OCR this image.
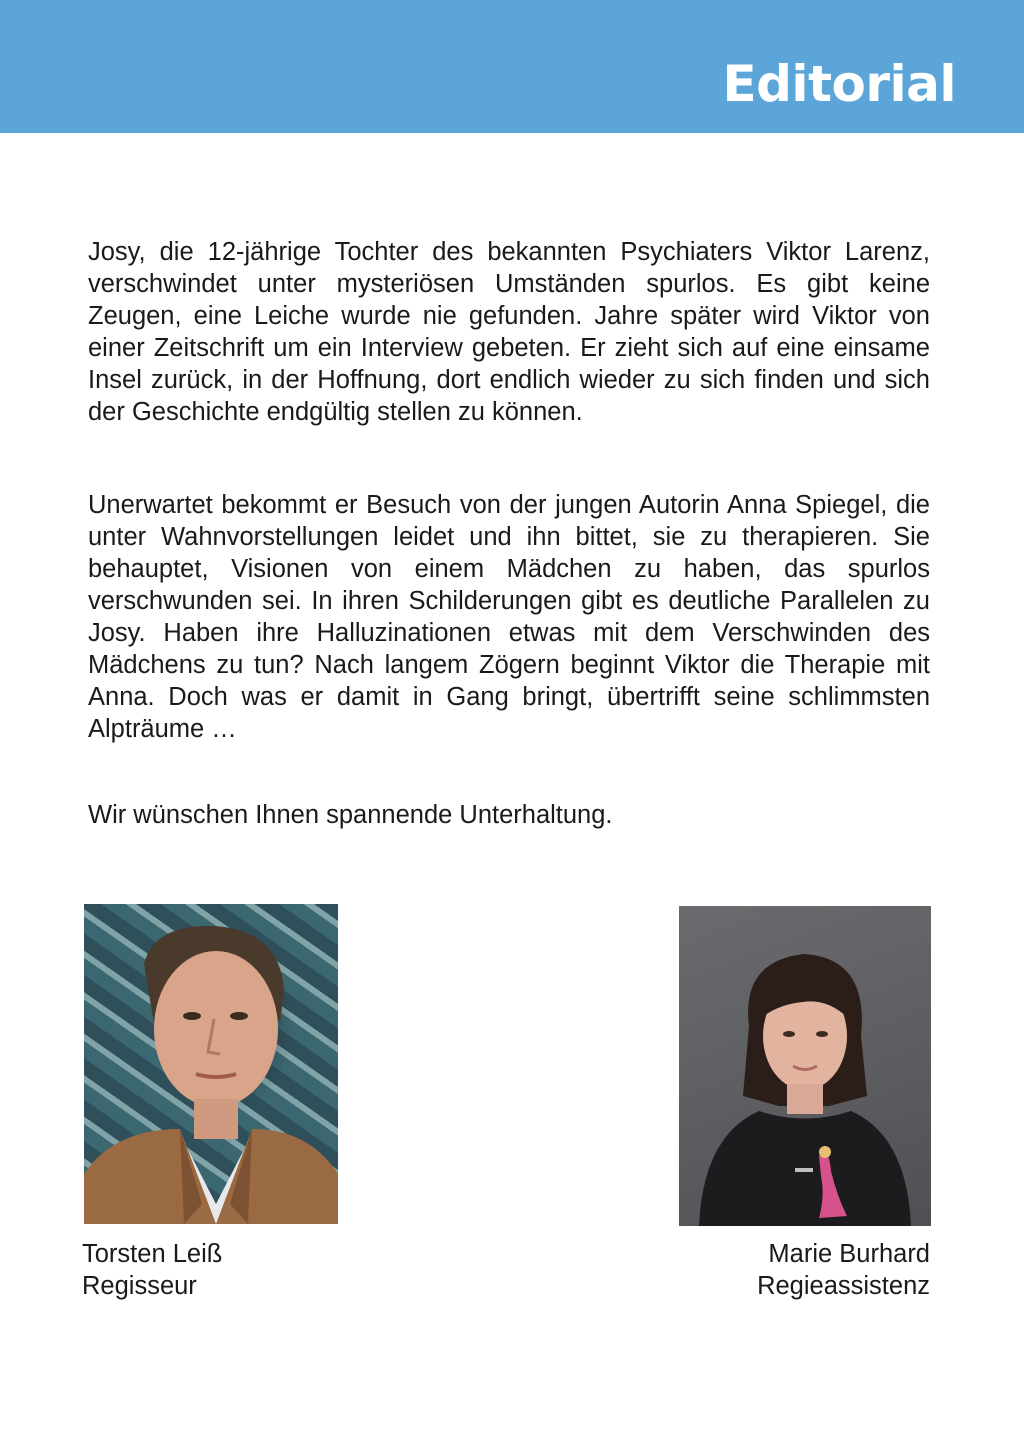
Editorial

Josy, die 12-jährige Tochter des bekannten Psychiaters Viktor Larenz, verschwindet unter mysteriösen Umständen spurlos. Es gibt keine Zeugen, eine Leiche wurde nie gefunden. Jahre später wird Viktor von einer Zeitschrift um ein Interview gebeten. Er zieht sich auf eine einsame Insel zurück, in der Hoffnung, dort endlich wieder zu sich finden und sich der Geschichte endgültig stellen zu können.

Unerwartet bekommt er Besuch von der jungen Autorin Anna Spiegel, die unter Wahnvorstellungen leidet und ihn bittet, sie zu therapieren. Sie behauptet, Visionen von einem Mädchen zu haben, das spurlos verschwunden sei. In ihren Schilderungen gibt es deutliche Parallelen zu Josy. Haben ihre Halluzinationen etwas mit dem Verschwinden des Mädchens zu tun? Nach langem Zögern beginnt Viktor die Therapie mit Anna. Doch was er damit in Gang bringt, übertrifft seine schlimmsten Alpträume …

Wir wünschen Ihnen spannende Unterhaltung.

Torsten Leiß
Regisseur

Marie Burhard
Regieassistenz
